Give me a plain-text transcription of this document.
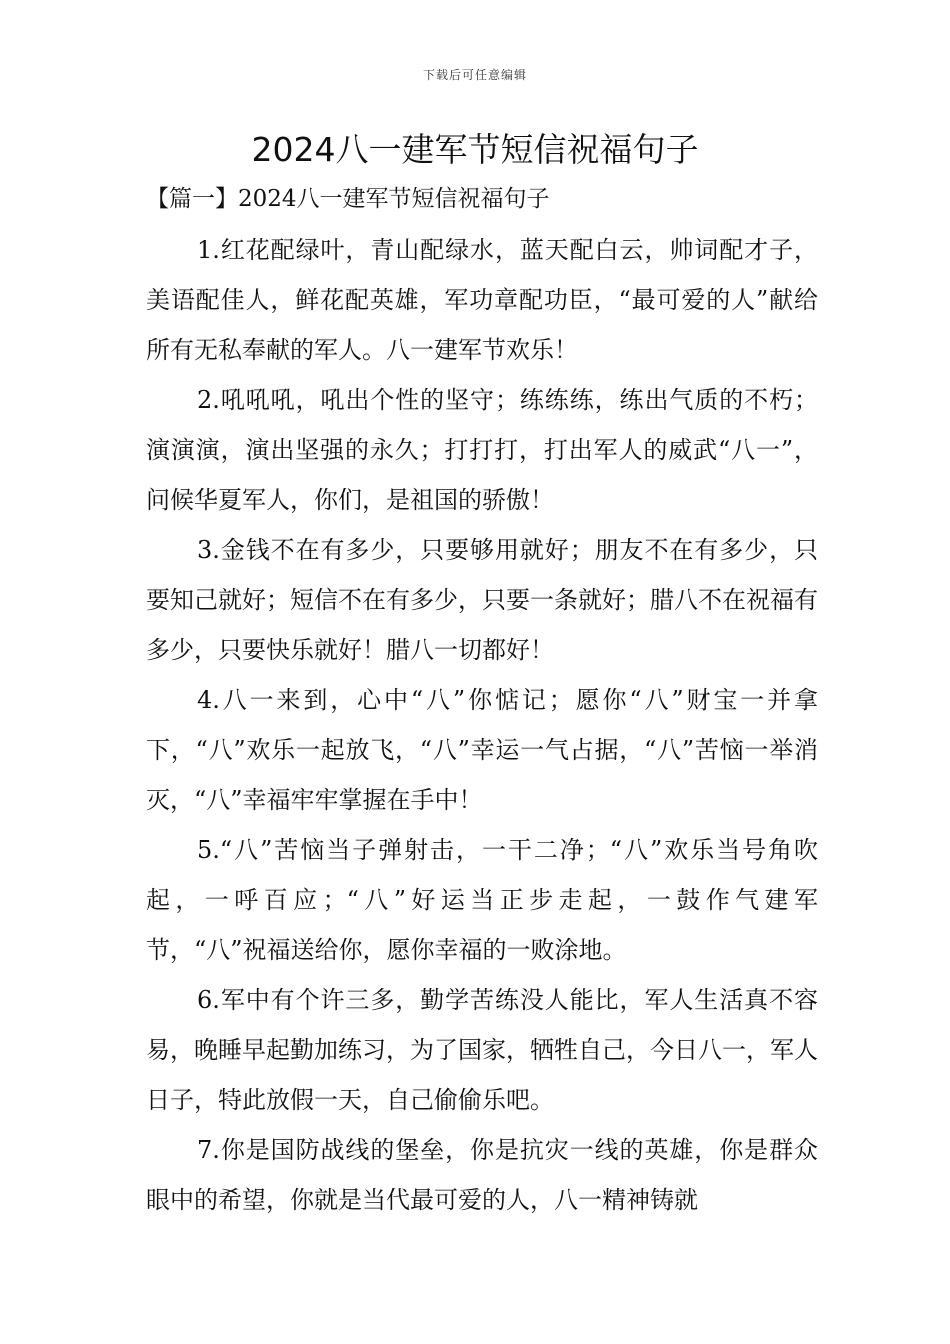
下载后可任意编辑
2024八一建军节短信祝福句子

【篇一】2024八一建军节短信祝福句子

1.红花配绿叶，青山配绿水，蓝天配白云，帅词配才子，美语配佳人，鲜花配英雄，军功章配功臣，“最可爱的人”献给所有无私奉献的军人。八一建军节欢乐！

2.吼吼吼，吼出个性的坚守；练练练，练出气质的不朽；演演演，演出坚强的永久；打打打，打出军人的威武“八一”，问候华夏军人，你们，是祖国的骄傲！

3.金钱不在有多少，只要够用就好；朋友不在有多少，只要知己就好；短信不在有多少，只要一条就好；腊八不在祝福有多少，只要快乐就好！腊八一切都好！

4.八一来到，心中“八”你惦记；愿你“八”财宝一并拿下，“八”欢乐一起放飞，“八”幸运一气占据，“八”苦恼一举消灭，“八”幸福牢牢掌握在手中！

5.“八”苦恼当子弹射击，一干二净；“八”欢乐当号角吹起，一呼百应；“八”好运当正步走起，一鼓作气建军节，“八”祝福送给你，愿你幸福的一败涂地。

6.军中有个许三多，勤学苦练没人能比，军人生活真不容易，晚睡早起勤加练习，为了国家，牺牲自己，今日八一，军人日子，特此放假一天，自己偷偷乐吧。

7.你是国防战线的堡垒，你是抗灾一线的英雄，你是群众眼中的希望，你就是当代最可爱的人，八一精神铸就
